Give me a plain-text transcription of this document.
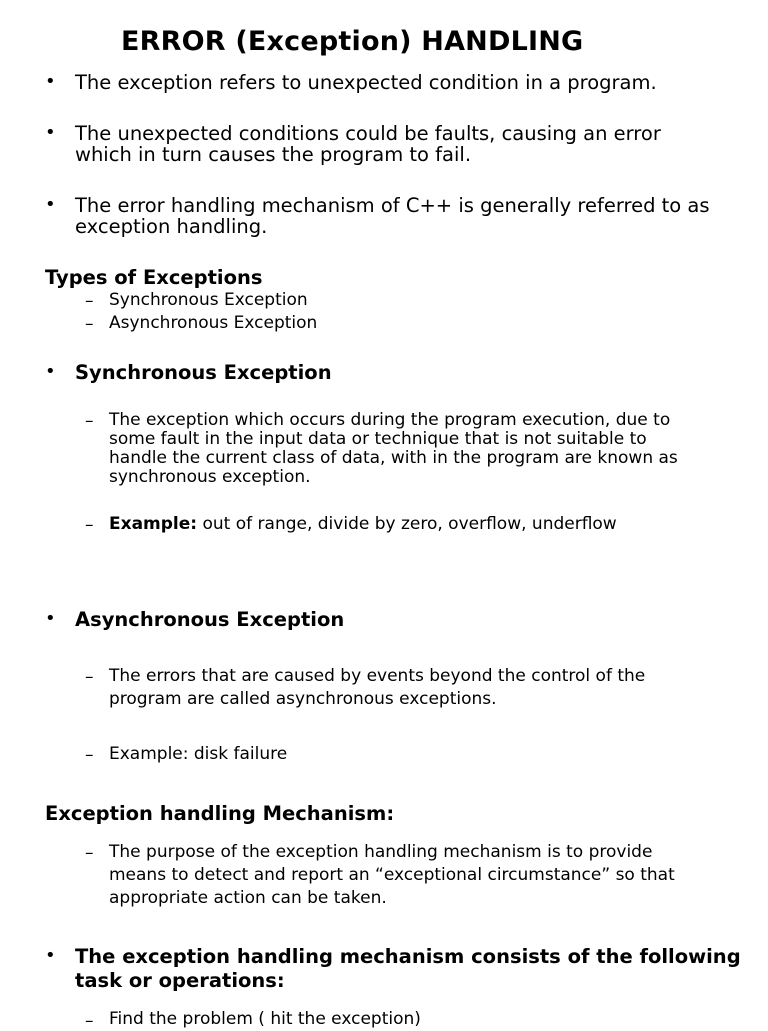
ERROR (Exception) HANDLING
• The exception refers to unexpected condition in a program.
• The unexpected conditions could be faults, causing an error
which in turn causes the program to fail.
• The error handling mechanism of C++ is generally referred to as
exception handling.
Types of Exceptions
– Synchronous Exception
– Asynchronous Exception
• Synchronous Exception
– The exception which occurs during the program execution, due to
some fault in the input data or technique that is not suitable to
handle the current class of data, with in the program are known as
synchronous exception.
– Example: out of range, divide by zero, overflow, underflow
• Asynchronous Exception
– The errors that are caused by events beyond the control of the
program are called asynchronous exceptions.
– Example: disk failure
Exception handling Mechanism:
– The purpose of the exception handling mechanism is to provide
means to detect and report an “exceptional circumstance” so that
appropriate action can be taken.
• The exception handling mechanism consists of the following
task or operations:
– Find the problem ( hit the exception)
